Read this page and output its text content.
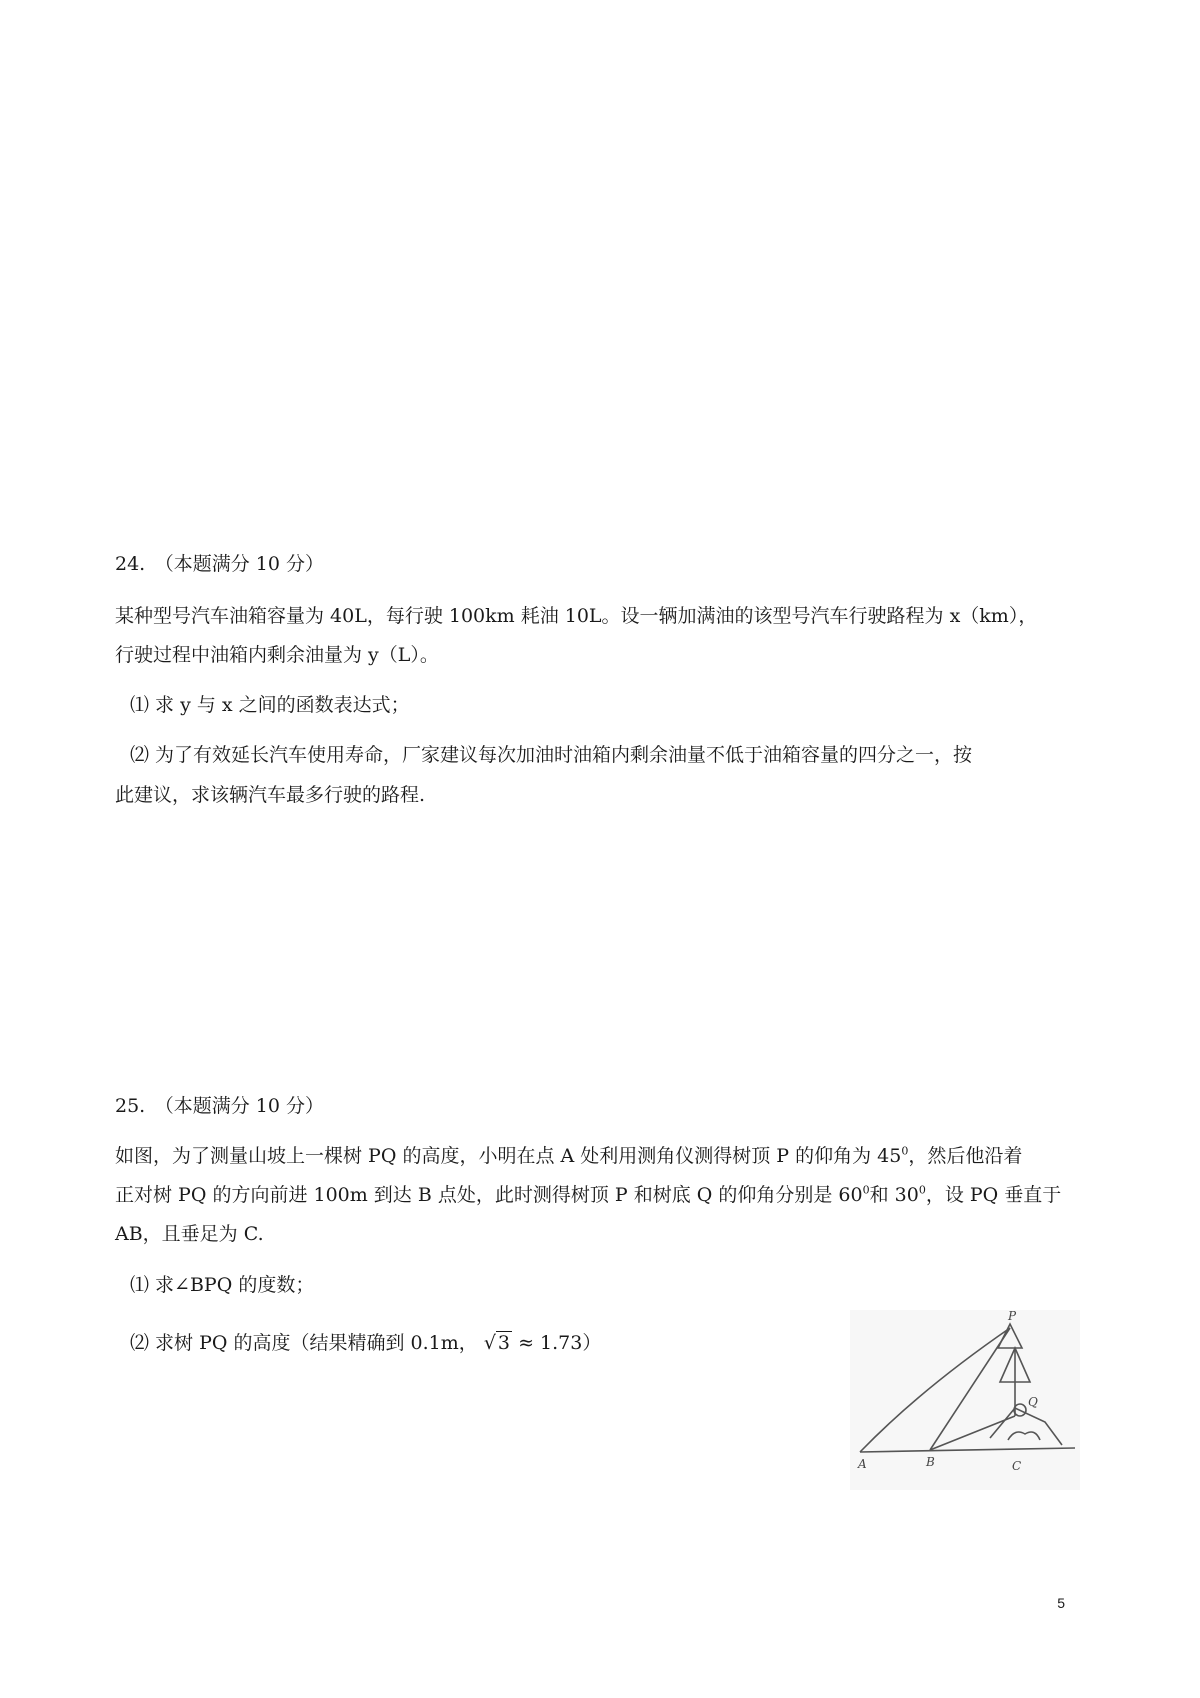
24.　（本题满分 10 分）
某种型号汽车油箱容量为 40L，每行驶 100km 耗油 10L。设一辆加满油的该型号汽车行驶路程为 x（km），
行驶过程中油箱内剩余油量为 y（L）。
⑴ 求 y 与 x 之间的函数表达式；
⑵ 为了有效延长汽车使用寿命，厂家建议每次加油时油箱内剩余油量不低于油箱容量的四分之一，按
此建议，求该辆汽车最多行驶的路程.
25.　（本题满分 10 分）
如图，为了测量山坡上一棵树 PQ 的高度，小明在点 A 处利用测角仪测得树顶 P 的仰角为 $45^0$，然后他沿着
正对树 PQ 的方向前进 100m 到达 B 点处，此时测得树顶 P 和树底 Q 的仰角分别是 $60^0$和 $30^0$，设 PQ 垂直于
AB，且垂足为 C.
⑴ 求∠BPQ 的度数；
⑵ 求树 PQ 的高度（结果精确到 0.1m， √ 3 ≈ 1.73）
P
Q
A	B	C
5
